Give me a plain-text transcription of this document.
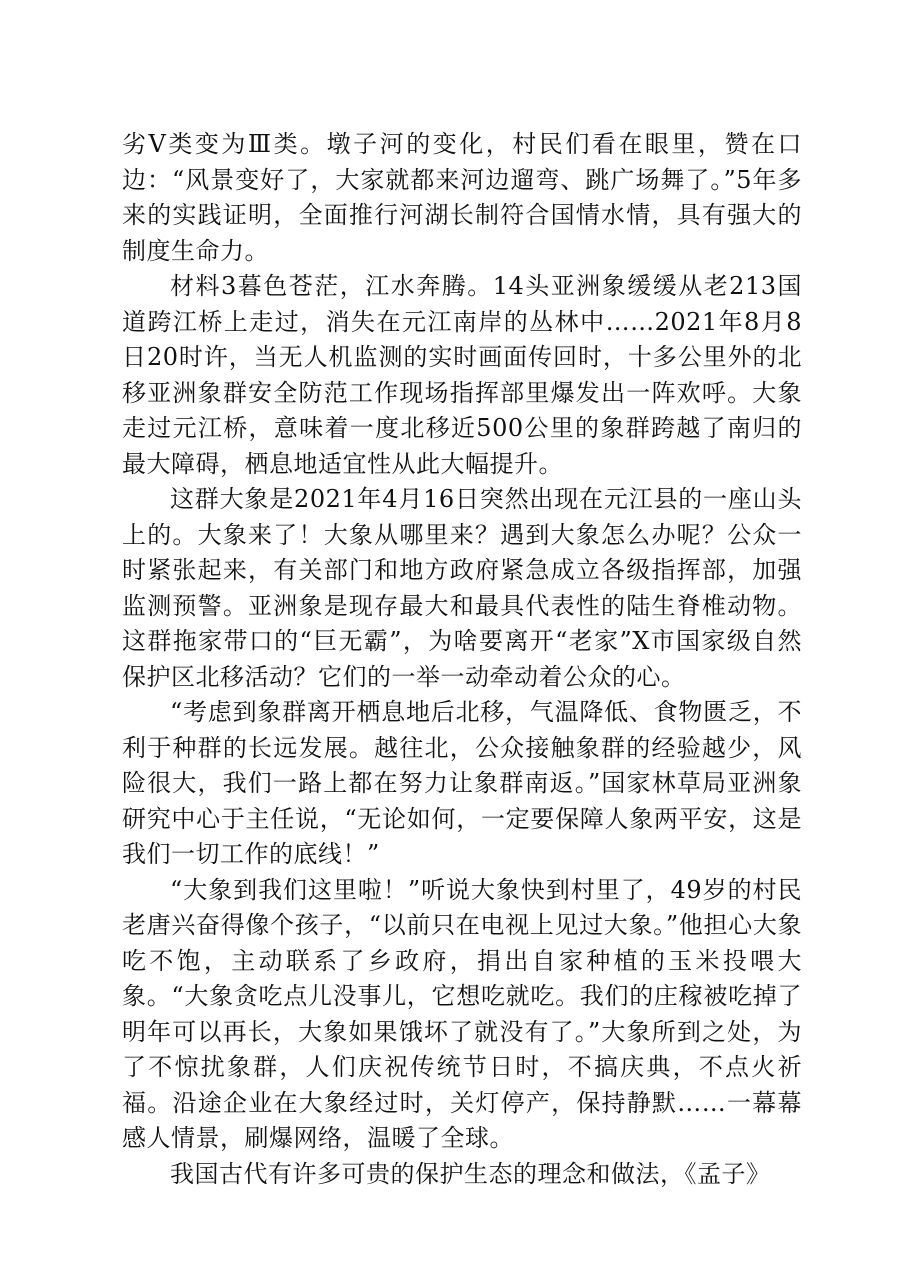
劣Ⅴ类变为Ⅲ类。墩子河的变化，村民们看在眼里，赞在口边：“风景变好了，大家就都来河边遛弯、跳广场舞了。”5年多来的实践证明，全面推行河湖长制符合国情水情，具有强大的制度生命力。

材料3暮色苍茫，江水奔腾。14头亚洲象缓缓从老213国道跨江桥上走过，消失在元江南岸的丛林中……2021年8月8日20时许，当无人机监测的实时画面传回时，十多公里外的北移亚洲象群安全防范工作现场指挥部里爆发出一阵欢呼。大象走过元江桥，意味着一度北移近500公里的象群跨越了南归的最大障碍，栖息地适宜性从此大幅提升。

这群大象是2021年4月16日突然出现在元江县的一座山头上的。大象来了！大象从哪里来？遇到大象怎么办呢？公众一时紧张起来，有关部门和地方政府紧急成立各级指挥部，加强监测预警。亚洲象是现存最大和最具代表性的陆生脊椎动物。这群拖家带口的“巨无霸”，为啥要离开“老家”X市国家级自然保护区北移活动？它们的一举一动牵动着公众的心。

“考虑到象群离开栖息地后北移，气温降低、食物匮乏，不利于种群的长远发展。越往北，公众接触象群的经验越少，风险很大，我们一路上都在努力让象群南返。”国家林草局亚洲象研究中心于主任说，“无论如何，一定要保障人象两平安，这是我们一切工作的底线！”

“大象到我们这里啦！”听说大象快到村里了，49岁的村民老唐兴奋得像个孩子，“以前只在电视上见过大象。”他担心大象吃不饱，主动联系了乡政府，捐出自家种植的玉米投喂大象。“大象贪吃点儿没事儿，它想吃就吃。我们的庄稼被吃掉了明年可以再长，大象如果饿坏了就没有了。”大象所到之处，为了不惊扰象群，人们庆祝传统节日时，不搞庆典，不点火祈福。沿途企业在大象经过时，关灯停产，保持静默……一幕幕感人情景，刷爆网络，温暖了全球。

我国古代有许多可贵的保护生态的理念和做法，《孟子》
